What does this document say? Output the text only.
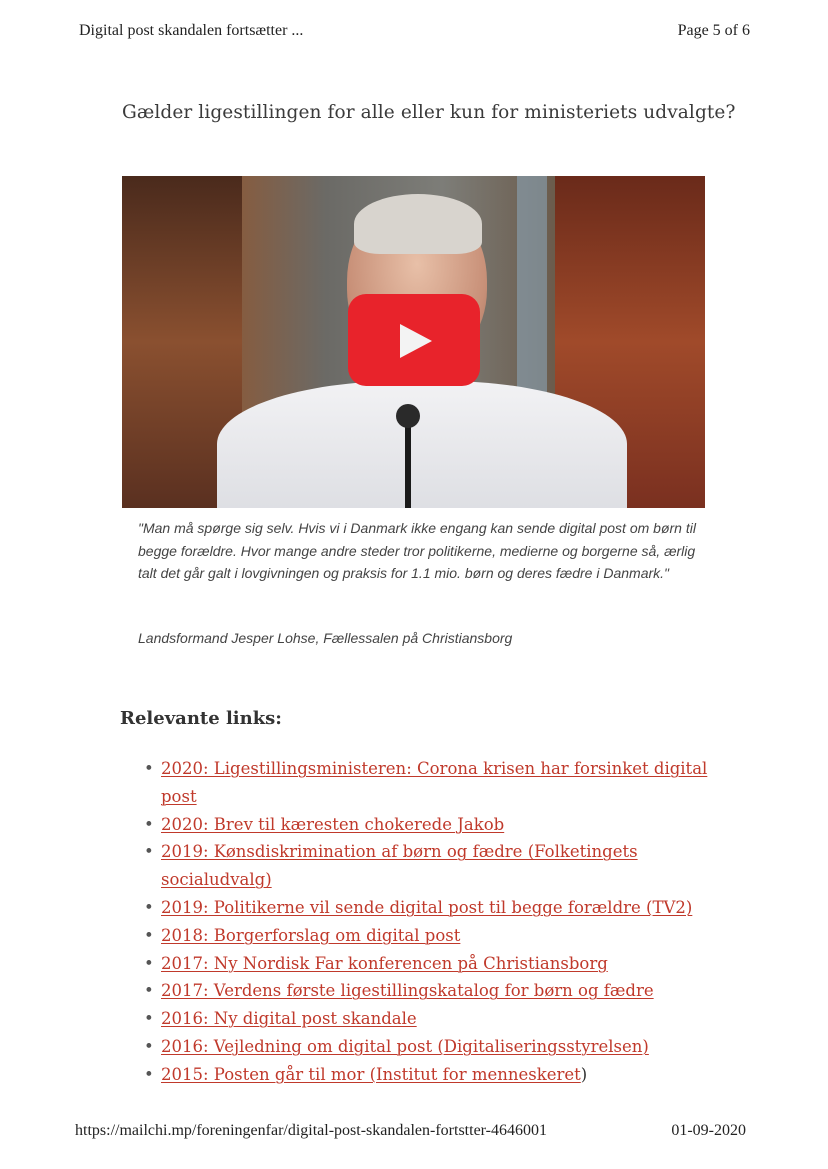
Digital post skandalen fortsætter ...	Page 5 of 6
Gælder ligestillingen for alle eller kun for ministeriets udvalgte?
"Man må spørge sig selv. Hvis vi i Danmark ikke engang kan sende digital post om børn til begge forældre. Hvor mange andre steder tror politikerne, medierne og borgerne så, ærlig talt det går galt i lovgivningen og praksis for 1.1 mio. børn og deres fædre i Danmark."
Landsformand Jesper Lohse, Fællessalen på Christiansborg
Relevante links:
• 2020: Ligestillingsministeren: Corona krisen har forsinket digital post
• 2020: Brev til kæresten chokerede Jakob
• 2019: Kønsdiskrimination af børn og fædre (Folketingets socialudvalg)
• 2019: Politikerne vil sende digital post til begge forældre (TV2)
• 2018: Borgerforslag om digital post
• 2017: Ny Nordisk Far konferencen på Christiansborg
• 2017: Verdens første ligestillingskatalog for børn og fædre
• 2016: Ny digital post skandale
• 2016: Vejledning om digital post (Digitaliseringsstyrelsen)
• 2015: Posten går til mor (Institut for menneskeret)
https://mailchi.mp/foreningenfar/digital-post-skandalen-fortstter-4646001	01-09-2020
